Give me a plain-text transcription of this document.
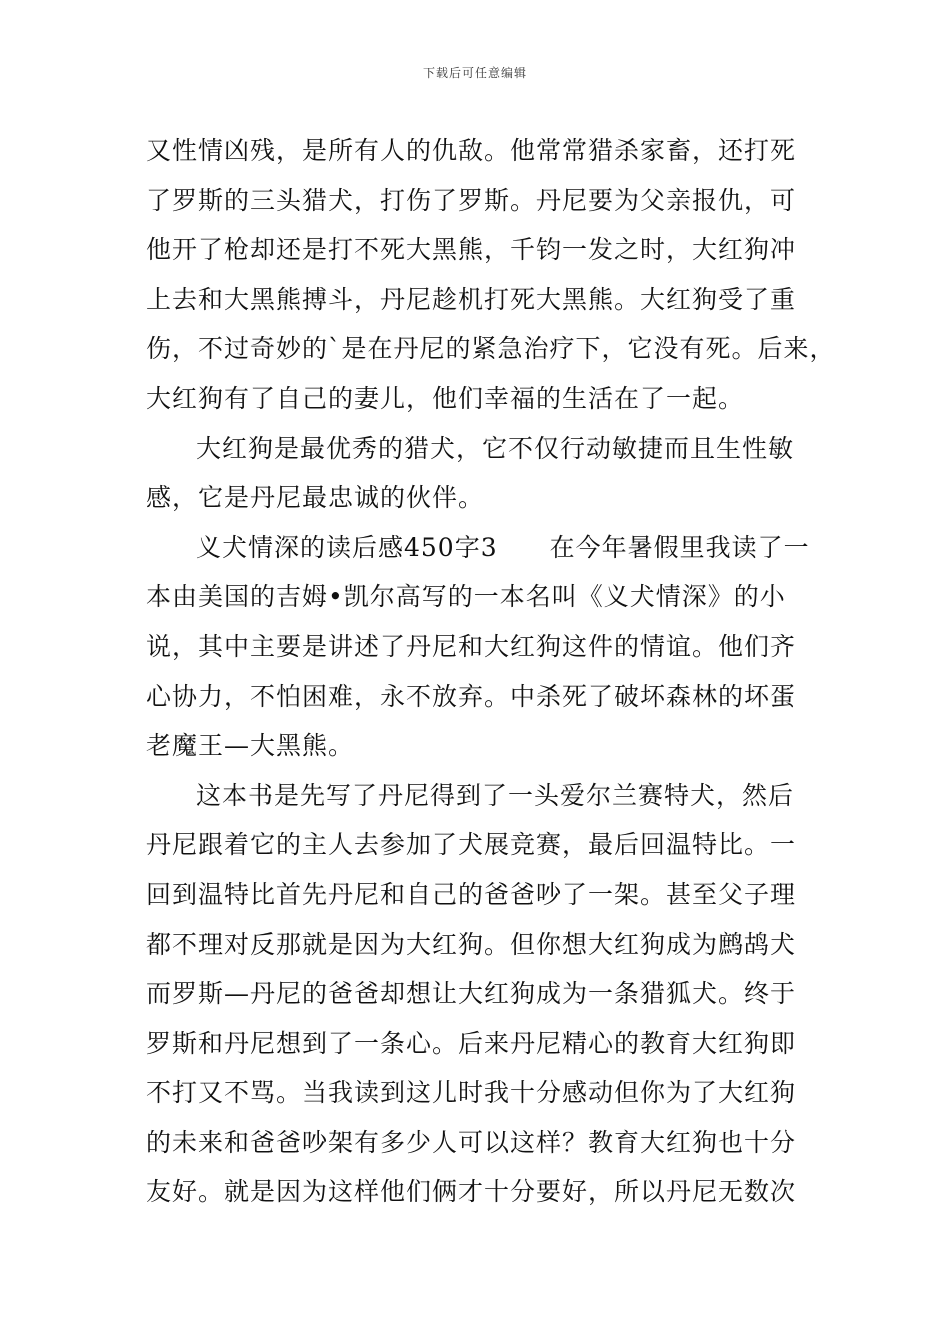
下载后可任意编辑
又性情凶残，是所有人的仇敌。他常常猎杀家畜，还打死
了罗斯的三头猎犬，打伤了罗斯。丹尼要为父亲报仇，可
他开了枪却还是打不死大黑熊，千钧一发之时，大红狗冲
上去和大黑熊搏斗，丹尼趁机打死大黑熊。大红狗受了重
伤，不过奇妙的`是在丹尼的紧急治疗下，它没有死。后来，
大红狗有了自己的妻儿，他们幸福的生活在了一起。
大红狗是最优秀的猎犬，它不仅行动敏捷而且生性敏
感，它是丹尼最忠诚的伙伴。
义犬情深的读后感450字3　　在今年暑假里我读了一
本由美国的吉姆•凯尔高写的一本名叫《义犬情深》的小
说，其中主要是讲述了丹尼和大红狗这件的情谊。他们齐
心协力，不怕困难，永不放弃。中杀死了破坏森林的坏蛋
老魔王—大黑熊。
这本书是先写了丹尼得到了一头爱尔兰赛特犬，然后
丹尼跟着它的主人去参加了犬展竞赛，最后回温特比。一
回到温特比首先丹尼和自己的爸爸吵了一架。甚至父子理
都不理对反那就是因为大红狗。但你想大红狗成为鹧鸪犬
而罗斯—丹尼的爸爸却想让大红狗成为一条猎狐犬。终于
罗斯和丹尼想到了一条心。后来丹尼精心的教育大红狗即
不打又不骂。当我读到这儿时我十分感动但你为了大红狗
的未来和爸爸吵架有多少人可以这样？教育大红狗也十分
友好。就是因为这样他们俩才十分要好，所以丹尼无数次
